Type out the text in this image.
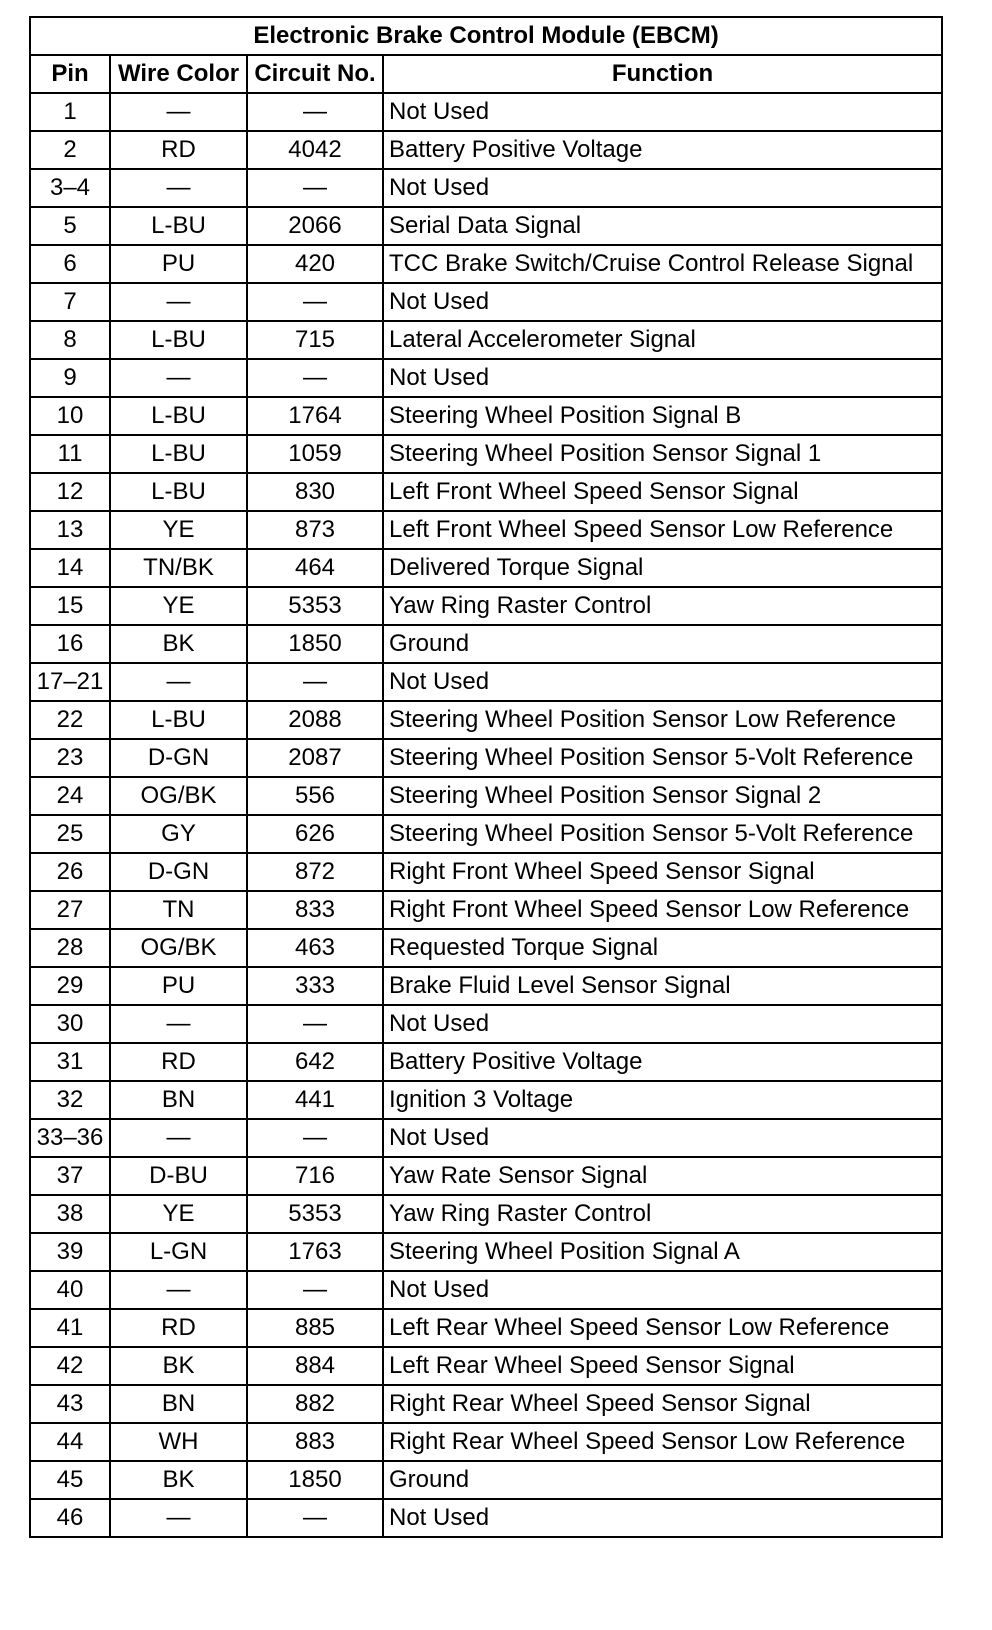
Electronic Brake Control Module (EBCM)			
Pin	Wire Color	Circuit No.	Function
1	—	—	Not Used
2	RD	4042	Battery Positive Voltage
3–4	—	—	Not Used
5	L-BU	2066	Serial Data Signal
6	PU	420	TCC Brake Switch/Cruise Control Release Signal
7	—	—	Not Used
8	L-BU	715	Lateral Accelerometer Signal
9	—	—	Not Used
10	L-BU	1764	Steering Wheel Position Signal B
11	L-BU	1059	Steering Wheel Position Sensor Signal 1
12	L-BU	830	Left Front Wheel Speed Sensor Signal
13	YE	873	Left Front Wheel Speed Sensor Low Reference
14	TN/BK	464	Delivered Torque Signal
15	YE	5353	Yaw Ring Raster Control
16	BK	1850	Ground
17–21	—	—	Not Used
22	L-BU	2088	Steering Wheel Position Sensor Low Reference
23	D-GN	2087	Steering Wheel Position Sensor 5-Volt Reference
24	OG/BK	556	Steering Wheel Position Sensor Signal 2
25	GY	626	Steering Wheel Position Sensor 5-Volt Reference
26	D-GN	872	Right Front Wheel Speed Sensor Signal
27	TN	833	Right Front Wheel Speed Sensor Low Reference
28	OG/BK	463	Requested Torque Signal
29	PU	333	Brake Fluid Level Sensor Signal
30	—	—	Not Used
31	RD	642	Battery Positive Voltage
32	BN	441	Ignition 3 Voltage
33–36	—	—	Not Used
37	D-BU	716	Yaw Rate Sensor Signal
38	YE	5353	Yaw Ring Raster Control
39	L-GN	1763	Steering Wheel Position Signal A
40	—	—	Not Used
41	RD	885	Left Rear Wheel Speed Sensor Low Reference
42	BK	884	Left Rear Wheel Speed Sensor Signal
43	BN	882	Right Rear Wheel Speed Sensor Signal
44	WH	883	Right Rear Wheel Speed Sensor Low Reference
45	BK	1850	Ground
46	—	—	Not Used
